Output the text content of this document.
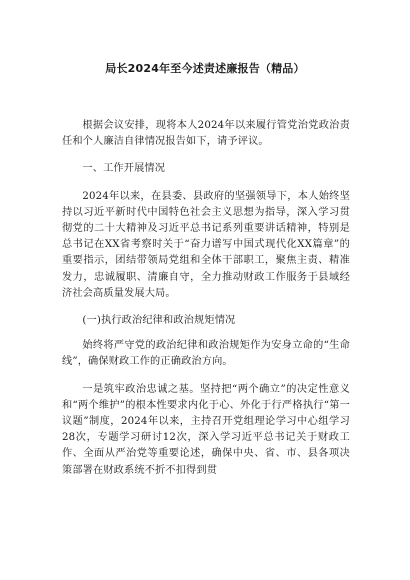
局长2024年至今述责述廉报告（精品）

根据会议安排，现将本人2024年以来履行管党治党政治责任和个人廉洁自律情况报告如下，请予评议。

一、工作开展情况

2024年以来，在县委、县政府的坚强领导下，本人始终坚持以习近平新时代中国特色社会主义思想为指导，深入学习贯彻党的二十大精神及习近平总书记系列重要讲话精神，特别是总书记在XX省考察时关于“奋力谱写中国式现代化XX篇章”的重要指示，团结带领局党组和全体干部职工，聚焦主责、精准发力，忠诚履职、清廉自守，全力推动财政工作服务于县域经济社会高质量发展大局。

(一)执行政治纪律和政治规矩情况

始终将严守党的政治纪律和政治规矩作为安身立命的“生命线”，确保财政工作的正确政治方向。

一是筑牢政治忠诚之基。坚持把“两个确立”的决定性意义和“两个维护”的根本性要求内化于心、外化于行严格执行“第一议题”制度，2024年以来，主持召开党组理论学习中心组学习28次，专题学习研讨12次，深入学习近平总书记关于财政工作、全面从严治党等重要论述，确保中央、省、市、县各项决策部署在财政系统不折不扣得到贯
